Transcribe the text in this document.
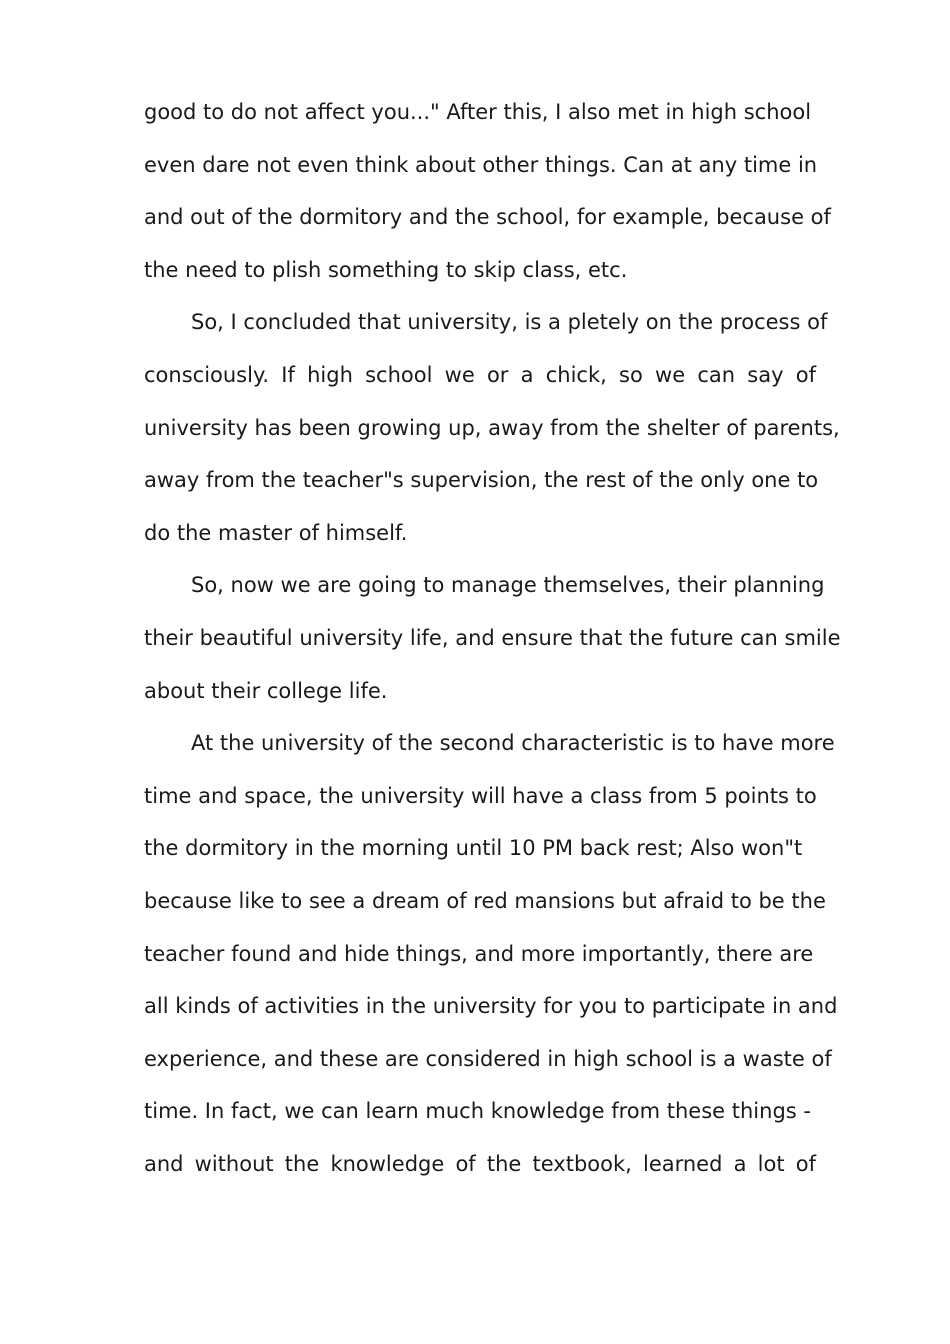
good to do not affect you..." After this, I also met in high school
even dare not even think about other things. Can at any time in
and out of the dormitory and the school, for example, because of
the need to plish something to skip class, etc.
So, I concluded that university, is a pletely on the process of
consciously. If high school we or a chick, so we can say of
university has been growing up, away from the shelter of parents,
away from the teacher"s supervision, the rest of the only one to
do the master of himself.
So, now we are going to manage themselves, their planning
their beautiful university life, and ensure that the future can smile
about their college life.
At the university of the second characteristic is to have more
time and space, the university will have a class from 5 points to
the dormitory in the morning until 10 PM back rest; Also won"t
because like to see a dream of red mansions but afraid to be the
teacher found and hide things, and more importantly, there are
all kinds of activities in the university for you to participate in and
experience, and these are considered in high school is a waste of
time. In fact, we can learn much knowledge from these things -
and without the knowledge of the textbook, learned a lot of
